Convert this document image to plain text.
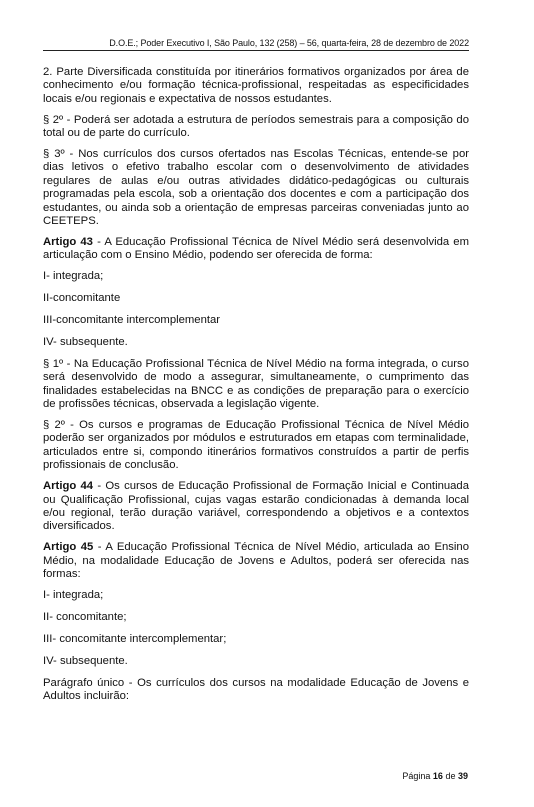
D.O.E.; Poder Executivo I, São Paulo, 132 (258) – 56, quarta-feira, 28 de dezembro de 2022

2. Parte Diversificada constituída por itinerários formativos organizados por área de conhecimento e/ou formação técnica-profissional, respeitadas as especificidades locais e/ou regionais e expectativa de nossos estudantes.

§ 2º - Poderá ser adotada a estrutura de períodos semestrais para a composição do total ou de parte do currículo.

§ 3º - Nos currículos dos cursos ofertados nas Escolas Técnicas, entende-se por dias letivos o efetivo trabalho escolar com o desenvolvimento de atividades regulares de aulas e/ou outras atividades didático-pedagógicas ou culturais programadas pela escola, sob a orientação dos docentes e com a participação dos estudantes, ou ainda sob a orientação de empresas parceiras conveniadas junto ao CEETEPS.

Artigo 43 - A Educação Profissional Técnica de Nível Médio será desenvolvida em articulação com o Ensino Médio, podendo ser oferecida de forma:

I- integrada;

II-concomitante

III-concomitante intercomplementar

IV- subsequente.

§ 1º - Na Educação Profissional Técnica de Nível Médio na forma integrada, o curso será desenvolvido de modo a assegurar, simultaneamente, o cumprimento das finalidades estabelecidas na BNCC e as condições de preparação para o exercício de profissões técnicas, observada a legislação vigente.

§ 2º - Os cursos e programas de Educação Profissional Técnica de Nível Médio poderão ser organizados por módulos e estruturados em etapas com terminalidade, articulados entre si, compondo itinerários formativos construídos a partir de perfis profissionais de conclusão.

Artigo 44 - Os cursos de Educação Profissional de Formação Inicial e Continuada ou Qualificação Profissional, cujas vagas estarão condicionadas à demanda local e/ou regional, terão duração variável, correspondendo a objetivos e a contextos diversificados.

Artigo 45 - A Educação Profissional Técnica de Nível Médio, articulada ao Ensino Médio, na modalidade Educação de Jovens e Adultos, poderá ser oferecida nas formas:

I- integrada;

II- concomitante;

III- concomitante intercomplementar;

IV- subsequente.

Parágrafo único - Os currículos dos cursos na modalidade Educação de Jovens e Adultos incluirão:

Página 16 de 39
